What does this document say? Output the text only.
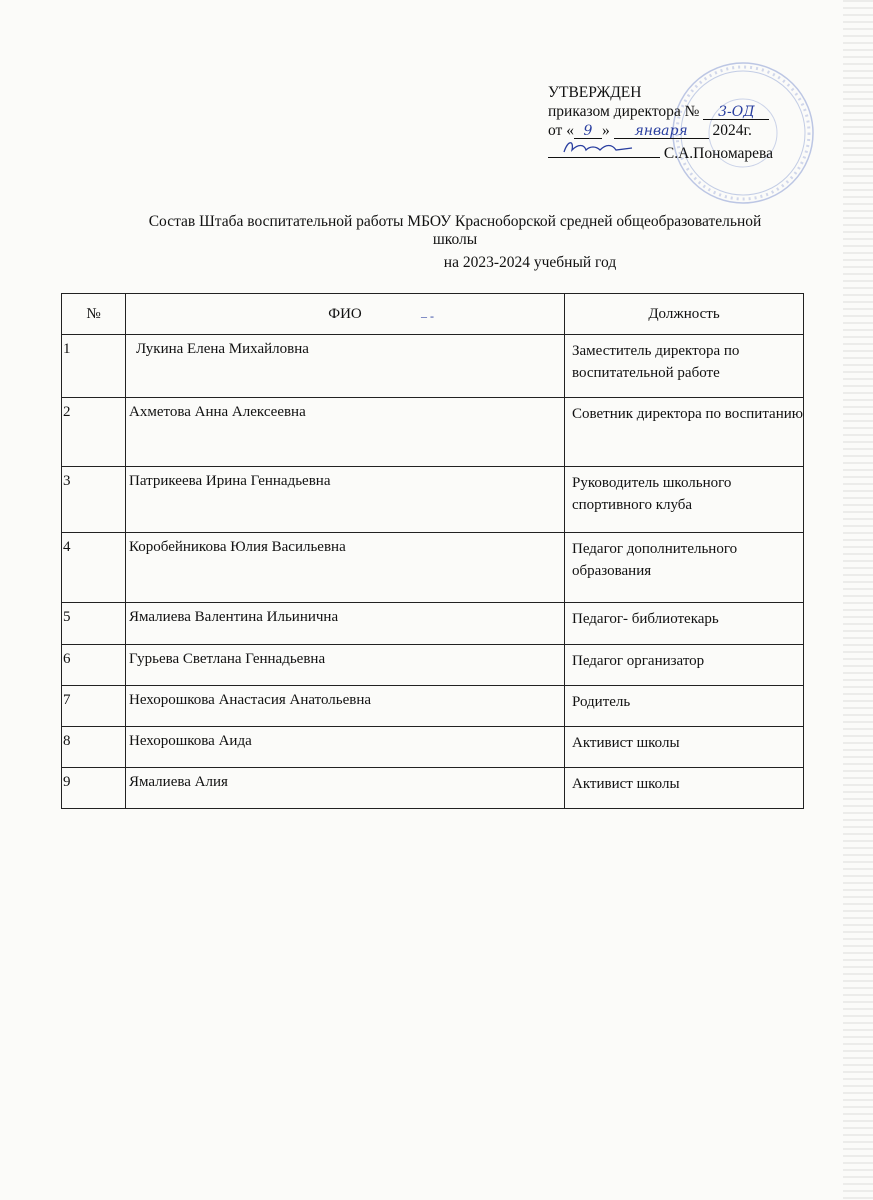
УТВЕРЖДЕН
приказом директора № 3-ОД
от « 9 » января 2024г.
С.А.Пономарева
Состав Штаба воспитательной работы МБОУ Красноборской средней общеобразовательной школы
на 2023-2024 учебный год
№	ФИО – -	Должность
1	Лукина Елена Михайловна	Заместитель директора по воспитательной работе
2	Ахметова Анна Алексеевна	Советник директора по воспитанию
3	Патрикеева Ирина Геннадьевна	Руководитель школьного спортивного клуба
4	Коробейникова Юлия Васильевна	Педагог дополнительного образования
5	Ямалиева Валентина Ильинична	Педагог- библиотекарь
6	Гурьева Светлана Геннадьевна	Педагог организатор
7	Нехорошкова Анастасия Анатольевна	Родитель
8	Нехорошкова Аида	Активист школы
9	Ямалиева Алия	Активист школы
